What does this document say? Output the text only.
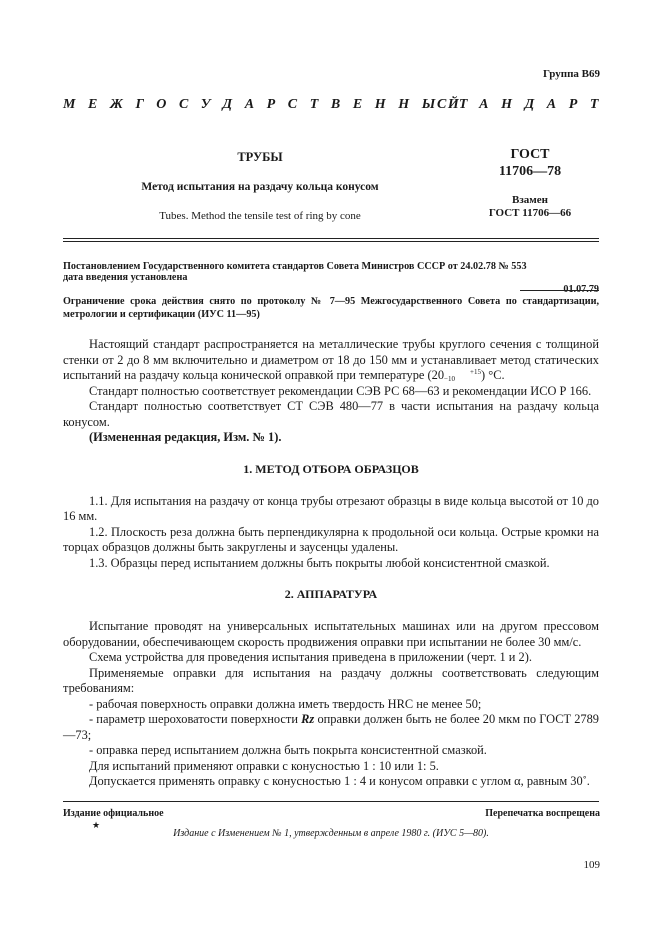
Группа В69
МЕЖГОСУДАРСТВЕННЫЙ
СТАНДАРТ
ТРУБЫ
Метод испытания на раздачу кольца конусом
Tubes. Method the tensile test of ring by cone
ГОСТ
11706—78
Взамен
ГОСТ 11706—66
Постановлением Государственного комитета стандартов Совета Министров СССР от 24.02.78 № 553
дата введения установлена
01.07.79
Ограничение срока действия снято по протоколу № 7—95 Межгосударственного Совета по стандартизации, метрологии и сертификации (ИУС 11—95)

Настоящий стандарт распространяется на металлические трубы круглого сечения с толщиной стенки от 2 до 8 мм включительно и диаметром от 18 до 150 мм и устанавливает метод статических испытаний на раздачу кольца конической оправкой при температуре (20	+15
−10 ) °С.

Стандарт полностью соответствует рекомендации СЭВ РС 68—63 и рекомендации ИСО Р 166.

Стандарт полностью соответствует СТ СЭВ 480—77 в части испытания на раздачу кольца конусом.

(Измененная редакция, Изм. № 1).

1. МЕТОД ОТБОРА ОБРАЗЦОВ

1.1. Для испытания на раздачу от конца трубы отрезают образцы в виде кольца высотой от 10 до 16 мм.

1.2. Плоскость реза должна быть перпендикулярна к продольной оси кольца. Острые кромки на торцах образцов должны быть закруглены и заусенцы удалены.

1.3. Образцы перед испытанием должны быть покрыты любой консистентной смазкой.

2. АППАРАТУРА

Испытание проводят на универсальных испытательных машинах или на другом прессовом оборудовании, обеспечивающем скорость продвижения оправки при испытании не более 30 мм/с.

Схема устройства для проведения испытания приведена в приложении (черт. 1 и 2).

Применяемые оправки для испытания на раздачу должны соответствовать следующим требованиям:

- рабочая поверхность оправки должна иметь твердость HRC не менее 50;

- параметр шероховатости поверхности Rz оправки должен быть не более 20 мкм по ГОСТ 2789—73;

- оправка перед испытанием должна быть покрыта консистентной смазкой.

Для испытаний применяют оправки с конусностью 1 : 10 или 1: 5.

Допускается применять оправку с конусностью 1 : 4 и конусом оправки с углом α, равным 30˚.

Издание официальное	Перепечатка воспрещена
★
Издание с Изменением № 1, утвержденным в апреле 1980 г. (ИУС 5—80).
109
